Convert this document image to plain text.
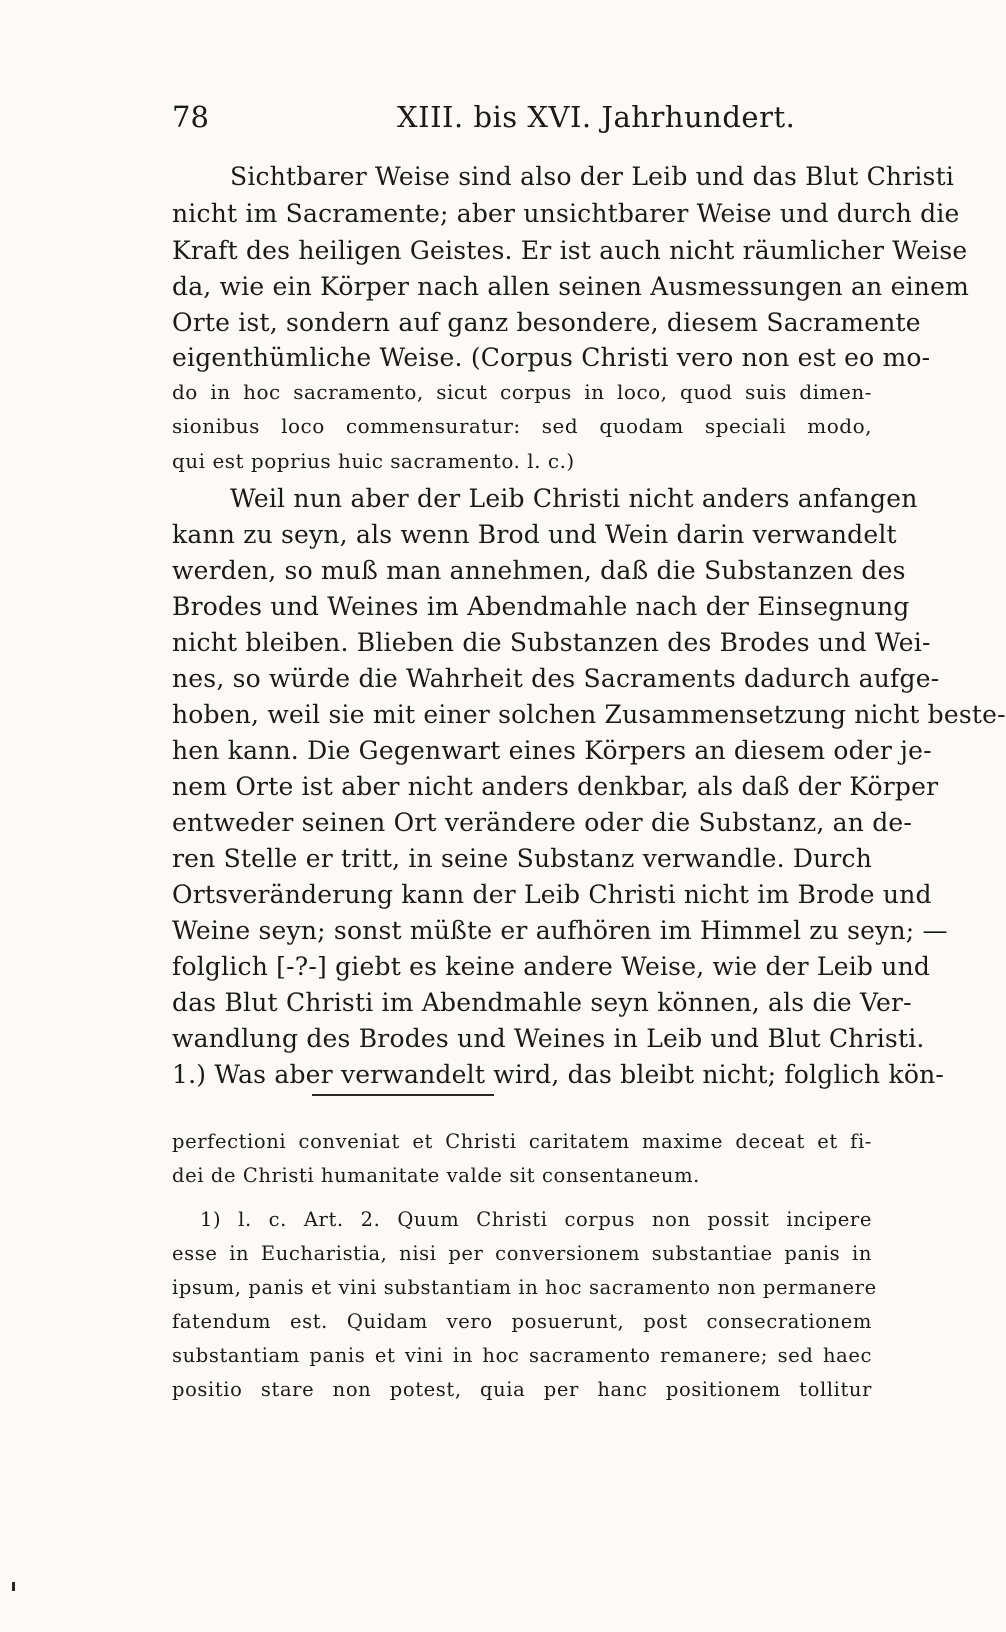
78	XIII. bis XVI. Jahrhundert.
Sichtbarer Weise sind also der Leib und das Blut Christi
nicht im Sacramente; aber unsichtbarer Weise und durch die
Kraft des heiligen Geistes. Er ist auch nicht räumlicher Weise
da, wie ein Körper nach allen seinen Ausmessungen an einem
Orte ist, sondern auf ganz besondere, diesem Sacramente
eigenthümliche Weise. (Corpus Christi vero non est eo mo-
do in hoc sacramento, sicut corpus in loco, quod suis dimen-
sionibus loco commensuratur: sed quodam speciali modo,
qui est poprius huic sacramento. l. c.)
Weil nun aber der Leib Christi nicht anders anfangen
kann zu seyn, als wenn Brod und Wein darin verwandelt
werden, so muß man annehmen, daß die Substanzen des
Brodes und Weines im Abendmahle nach der Einsegnung
nicht bleiben. Blieben die Substanzen des Brodes und Wei-
nes, so würde die Wahrheit des Sacraments dadurch aufge-
hoben, weil sie mit einer solchen Zusammensetzung nicht beste-
hen kann. Die Gegenwart eines Körpers an diesem oder je-
nem Orte ist aber nicht anders denkbar, als daß der Körper
entweder seinen Ort verändere oder die Substanz, an de-
ren Stelle er tritt, in seine Substanz verwandle. Durch
Ortsveränderung kann der Leib Christi nicht im Brode und
Weine seyn; sonst müßte er aufhören im Himmel zu seyn; —
folglich [-?-] giebt es keine andere Weise, wie der Leib und
das Blut Christi im Abendmahle seyn können, als die Ver-
wandlung des Brodes und Weines in Leib und Blut Christi.
1.) Was aber verwandelt wird, das bleibt nicht; folglich kön-
perfectioni conveniat et Christi caritatem maxime deceat et fi-
dei de Christi humanitate valde sit consentaneum.
1) l. c. Art. 2. Quum Christi corpus non possit incipere
esse in Eucharistia, nisi per conversionem substantiae panis in
ipsum, panis et vini substantiam in hoc sacramento non permanere
fatendum est. Quidam vero posuerunt, post consecrationem
substantiam panis et vini in hoc sacramento remanere; sed haec
positio stare non potest, quia per hanc positionem tollitur
